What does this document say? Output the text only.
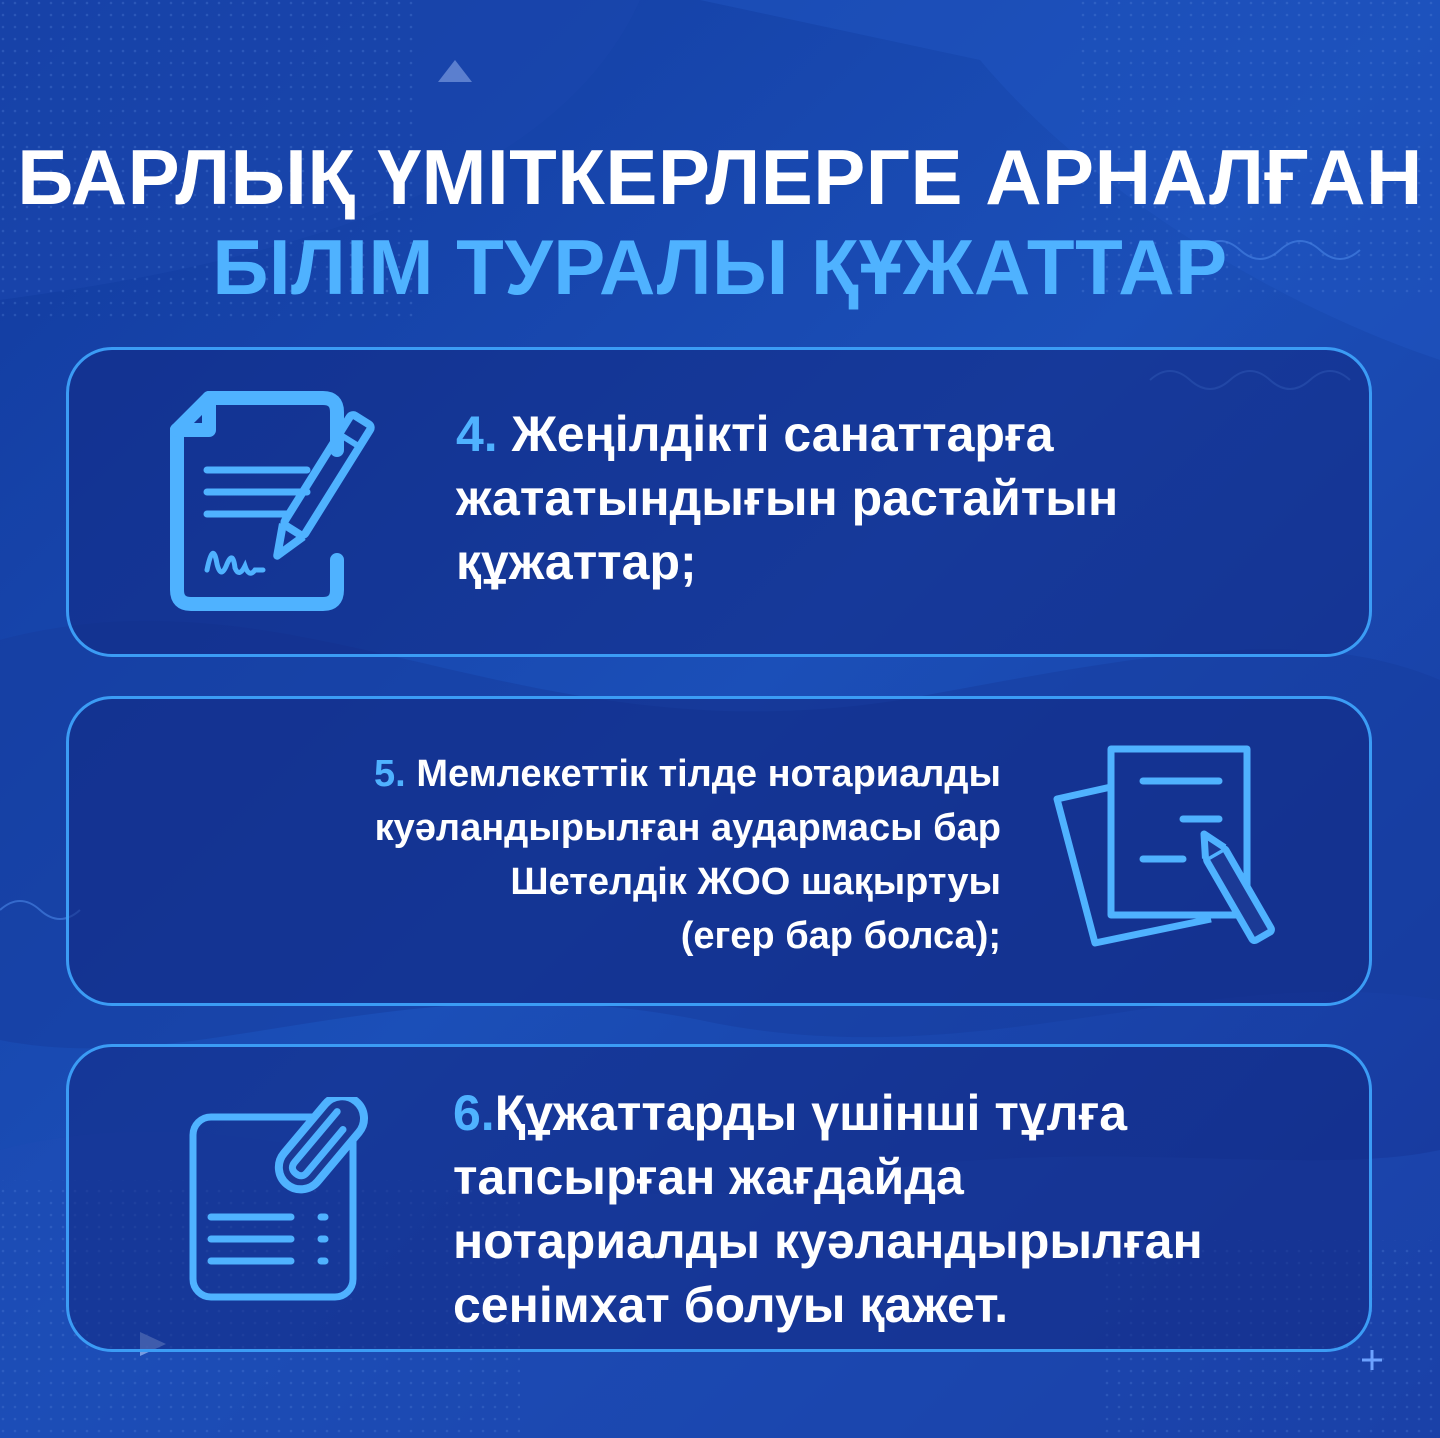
БАРЛЫҚ ҮМІТКЕРЛЕРГЕ АРНАЛҒАН
БІЛІМ ТУРАЛЫ ҚҰЖАТТАР
4. Жеңілдікті санаттарға
жататындығын растайтын
құжаттар;
5. Мемлекеттік тілде нотариалды
куәландырылған аудармасы бар
Шетелдік ЖОО шақыртуы
(егер бар болса);
6.Құжаттарды үшінші тұлға
тапсырған жағдайда
нотариалды куәландырылған
сенімхат болуы қажет.
